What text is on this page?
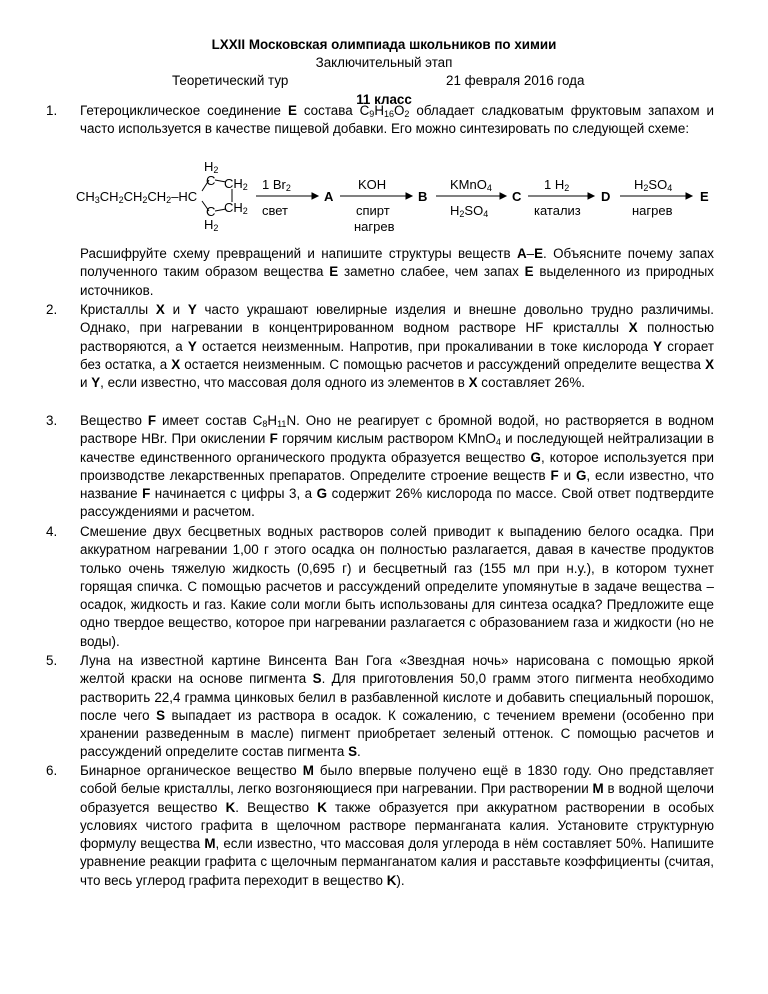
LXXII Московская олимпиада школьников по химии
Заключительный этап
Теоретический тур	21 февраля 2016 года
11 класс
1. Гетероциклическое соединение E состава $C_9H_{16}O_2$ обладает сладковатым фруктовым запахом и часто используется в качестве пищевой добавки. Его можно синтезировать по следующей схеме:
$H_2$
C $CH_2$
$CH_3CH_2CH_2CH_2-HC$
$CH_2$
C
$H_2$
1 $Br_2$
свет
A
KOH
спирт
нагрев
B
KMnO$_4$
$H_2SO_4$
C
1 $H_2$
катализ
D
$H_2SO_4$
нагрев
E
Расшифруйте схему превращений и напишите структуры веществ A–E. Объясните почему запах полученного таким образом вещества E заметно слабее, чем запах E выделенного из природных источников.
2. Кристаллы X и Y часто украшают ювелирные изделия и внешне довольно трудно различимы. Однако, при нагревании в концентрированном водном растворе HF кристаллы X полностью растворяются, а Y остается неизменным. Напротив, при прокаливании в токе кислорода Y сгорает без остатка, а X остается неизменным. С помощью расчетов и рассуждений определите вещества X и Y, если известно, что массовая доля одного из элементов в X составляет 26%.
3. Вещество F имеет состав $C_8H_{11}N$. Оно не реагирует с бромной водой, но растворяется в водном растворе HBr. При окислении F горячим кислым раствором KMnO$_4$ и последующей нейтрализации в качестве единственного органического продукта образуется вещество G, которое используется при производстве лекарственных препаратов. Определите строение веществ F и G, если известно, что название F начинается с цифры 3, а G содержит 26% кислорода по массе. Свой ответ подтвердите рассуждениями и расчетом.
4. Смешение двух бесцветных водных растворов солей приводит к выпадению белого осадка. При аккуратном нагревании 1,00 г этого осадка он полностью разлагается, давая в качестве продуктов только очень тяжелую жидкость (0,695 г) и бесцветный газ (155 мл при н.у.), в котором тухнет горящая спичка. С помощью расчетов и рассуждений определите упомянутые в задаче вещества – осадок, жидкость и газ. Какие соли могли быть использованы для синтеза осадка? Предложите еще одно твердое вещество, которое при нагревании разлагается с образованием газа и жидкости (но не воды).
5. Луна на известной картине Винсента Ван Гога «Звездная ночь» нарисована с помощью яркой желтой краски на основе пигмента S. Для приготовления 50,0 грамм этого пигмента необходимо растворить 22,4 грамма цинковых белил в разбавленной кислоте и добавить специальный порошок, после чего S выпадает из раствора в осадок. К сожалению, с течением времени (особенно при хранении разведенным в масле) пигмент приобретает зеленый оттенок. С помощью расчетов и рассуждений определите состав пигмента S.
6. Бинарное органическое вещество M было впервые получено ещё в 1830 году. Оно представляет собой белые кристаллы, легко возгоняющиеся при нагревании. При растворении M в водной щелочи образуется вещество K. Вещество K также образуется при аккуратном растворении в особых условиях чистого графита в щелочном растворе перманганата калия. Установите структурную формулу вещества M, если известно, что массовая доля углерода в нём составляет 50%. Напишите уравнение реакции графита с щелочным перманганатом калия и расставьте коэффициенты (считая, что весь углерод графита переходит в вещество K).
